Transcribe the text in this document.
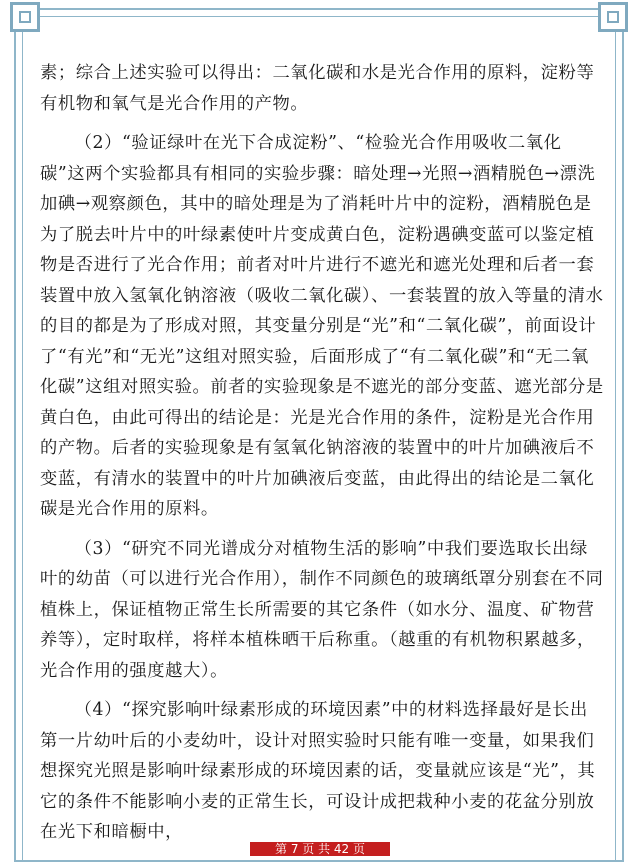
素；综合上述实验可以得出：二氧化碳和水是光合作用的原料，淀粉等有机物和氧气是光合作用的产物。

（2）“验证绿叶在光下合成淀粉”、“检验光合作用吸收二氧化碳”这两个实验都具有相同的实验步骤：暗处理→光照→酒精脱色→漂洗加碘→观察颜色，其中的暗处理是为了消耗叶片中的淀粉，酒精脱色是为了脱去叶片中的叶绿素使叶片变成黄白色，淀粉遇碘变蓝可以鉴定植物是否进行了光合作用；前者对叶片进行不遮光和遮光处理和后者一套装置中放入氢氧化钠溶液（吸收二氧化碳）、一套装置的放入等量的清水的目的都是为了形成对照，其变量分别是“光”和“二氧化碳”，前面设计了“有光”和“无光”这组对照实验，后面形成了“有二氧化碳”和“无二氧化碳”这组对照实验。前者的实验现象是不遮光的部分变蓝、遮光部分是黄白色，由此可得出的结论是：光是光合作用的条件，淀粉是光合作用的产物。后者的实验现象是有氢氧化钠溶液的装置中的叶片加碘液后不变蓝，有清水的装置中的叶片加碘液后变蓝，由此得出的结论是二氧化碳是光合作用的原料。

（3）“研究不同光谱成分对植物生活的影响”中我们要选取长出绿叶的幼苗（可以进行光合作用），制作不同颜色的玻璃纸罩分别套在不同植株上，保证植物正常生长所需要的其它条件（如水分、温度、矿物营养等），定时取样，将样本植株晒干后称重。（越重的有机物积累越多，光合作用的强度越大）。

（4）“探究影响叶绿素形成的环境因素”中的材料选择最好是长出第一片幼叶后的小麦幼叶，设计对照实验时只能有唯一变量，如果我们想探究光照是影响叶绿素形成的环境因素的话，变量就应该是“光”，其它的条件不能影响小麦的正常生长，可设计成把栽种小麦的花盆分别放在光下和暗橱中，

第 7 页 共 42 页
